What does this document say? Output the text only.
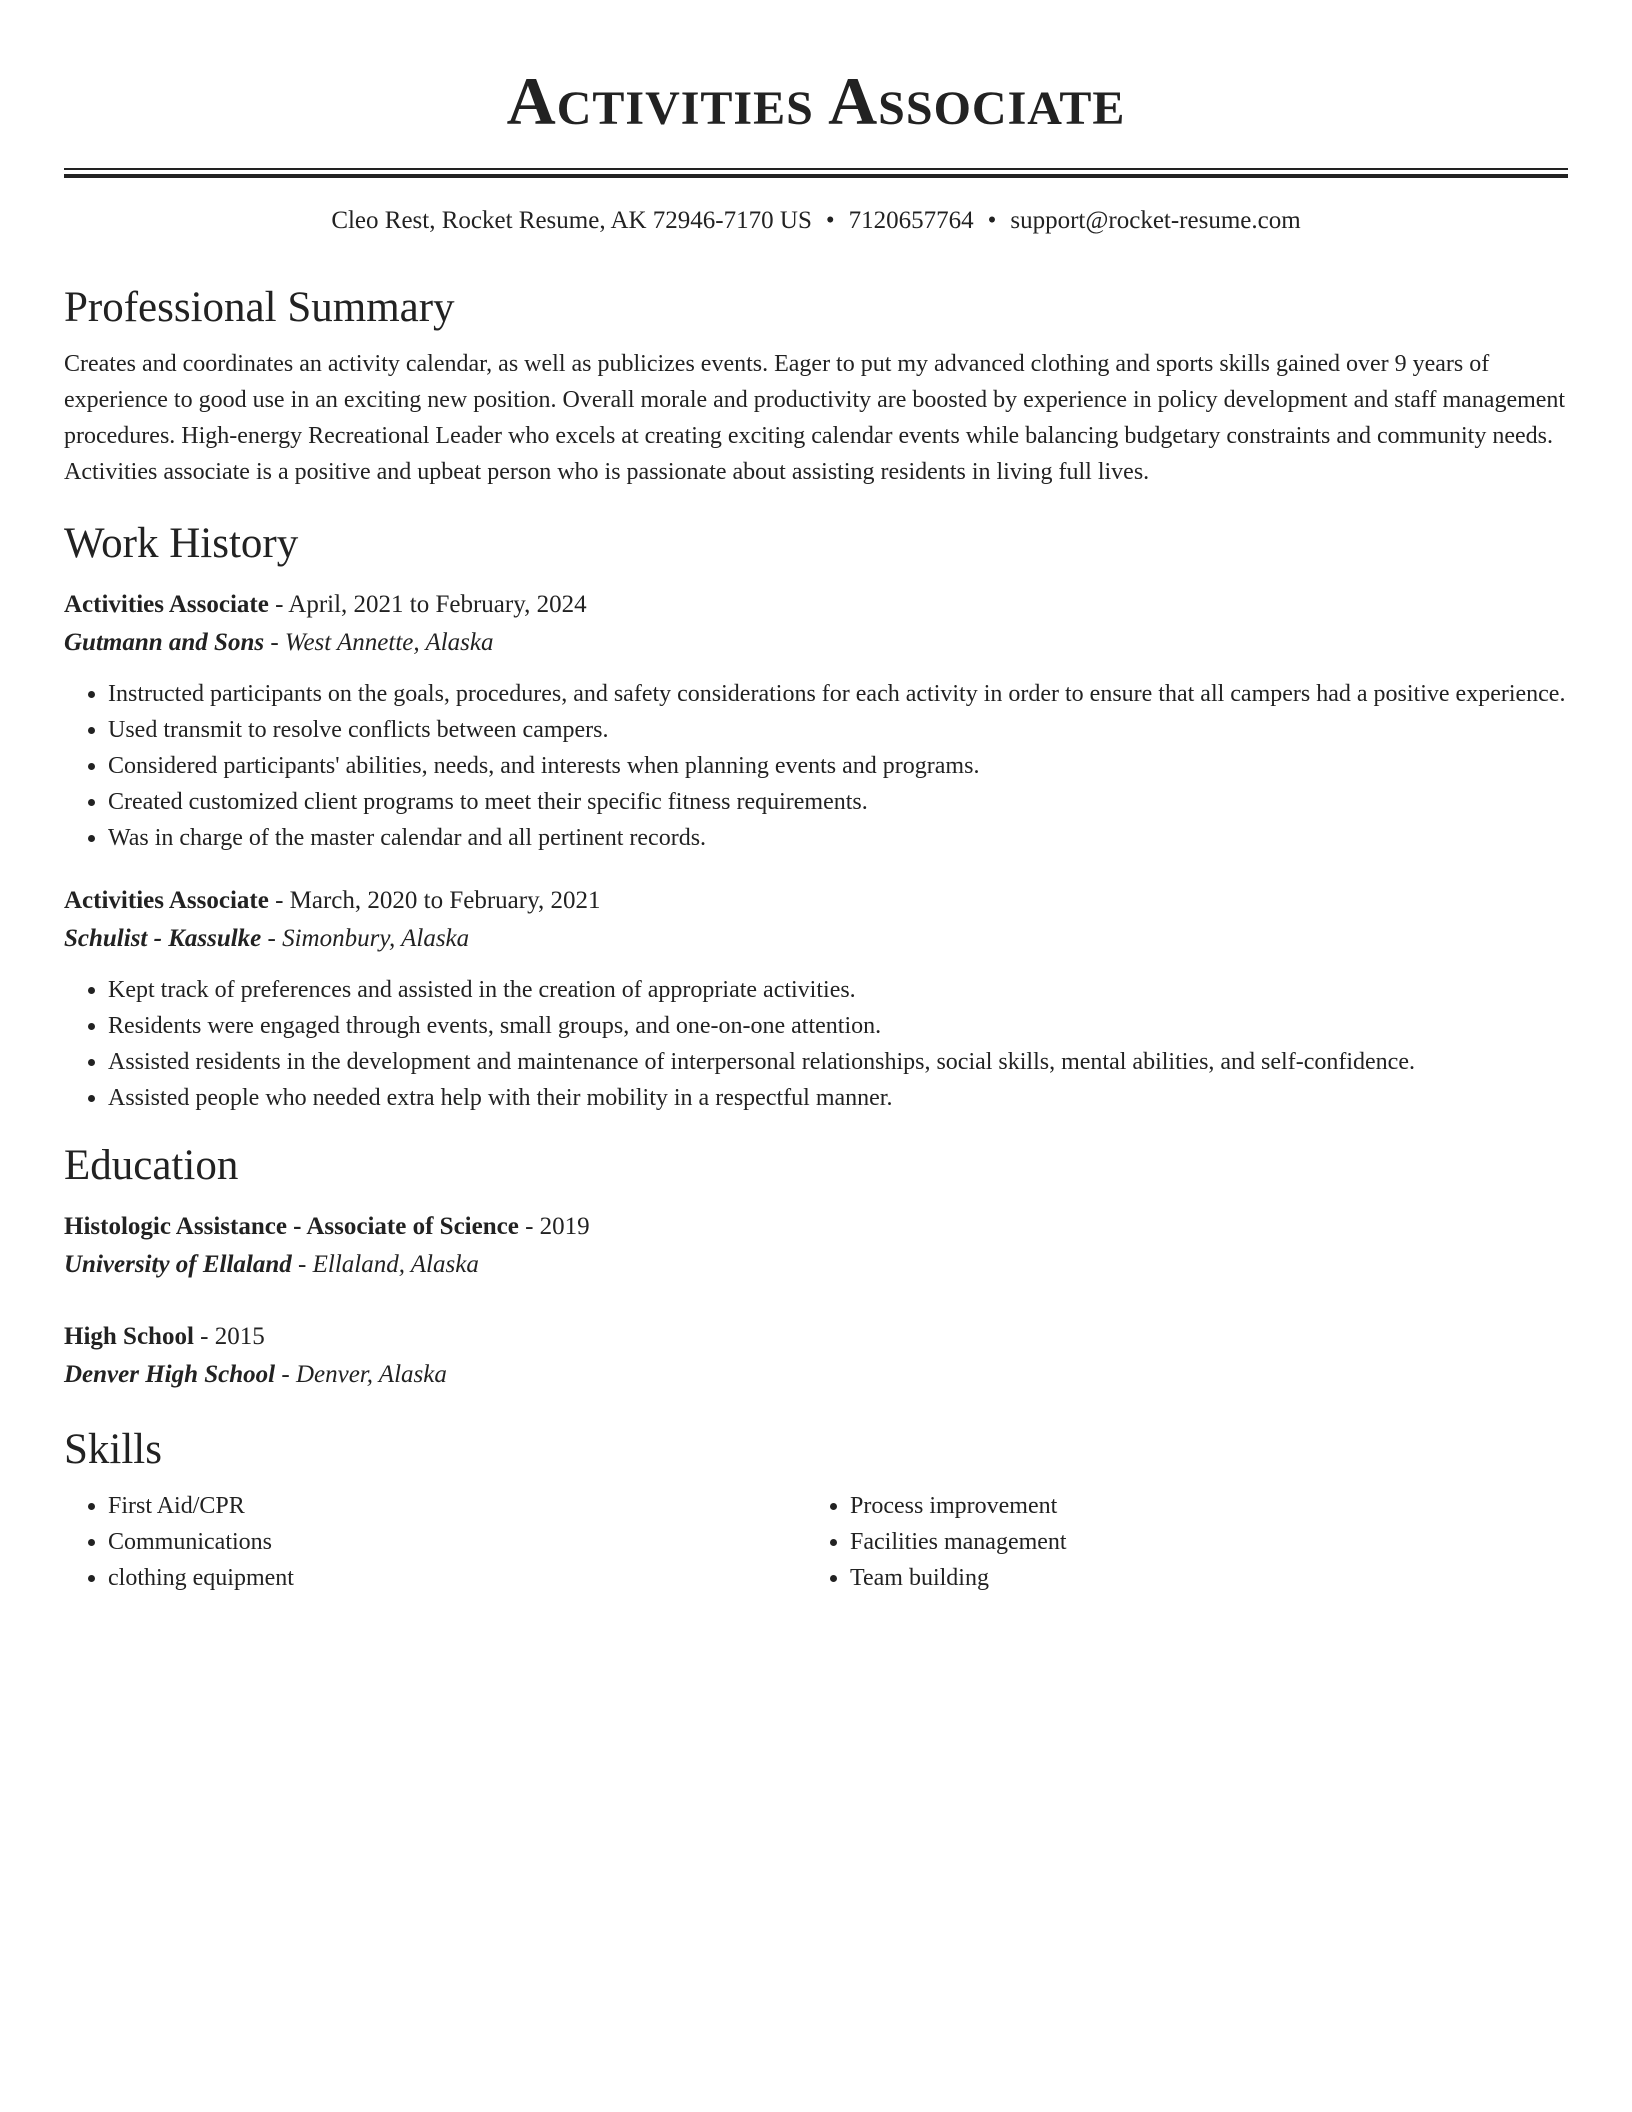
Activities Associate
Cleo Rest, Rocket Resume, AK 72946-7170 US • 7120657764 • support@rocket-resume.com
Professional Summary
Creates and coordinates an activity calendar, as well as publicizes events. Eager to put my advanced clothing and sports skills gained over 9 years of experience to good use in an exciting new position. Overall morale and productivity are boosted by experience in policy development and staff management procedures. High-energy Recreational Leader who excels at creating exciting calendar events while balancing budgetary constraints and community needs. Activities associate is a positive and upbeat person who is passionate about assisting residents in living full lives.
Work History
Activities Associate - April, 2021 to February, 2024
Gutmann and Sons - West Annette, Alaska
• Instructed participants on the goals, procedures, and safety considerations for each activity in order to ensure that all campers had a positive experience.
• Used transmit to resolve conflicts between campers.
• Considered participants' abilities, needs, and interests when planning events and programs.
• Created customized client programs to meet their specific fitness requirements.
• Was in charge of the master calendar and all pertinent records.
Activities Associate - March, 2020 to February, 2021
Schulist - Kassulke - Simonbury, Alaska
• Kept track of preferences and assisted in the creation of appropriate activities.
• Residents were engaged through events, small groups, and one-on-one attention.
• Assisted residents in the development and maintenance of interpersonal relationships, social skills, mental abilities, and self-confidence.
• Assisted people who needed extra help with their mobility in a respectful manner.
Education
Histologic Assistance - Associate of Science - 2019
University of Ellaland - Ellaland, Alaska
High School - 2015
Denver High School - Denver, Alaska
Skills
• First Aid/CPR
• Communications
• clothing equipment
• Process improvement
• Facilities management
• Team building
